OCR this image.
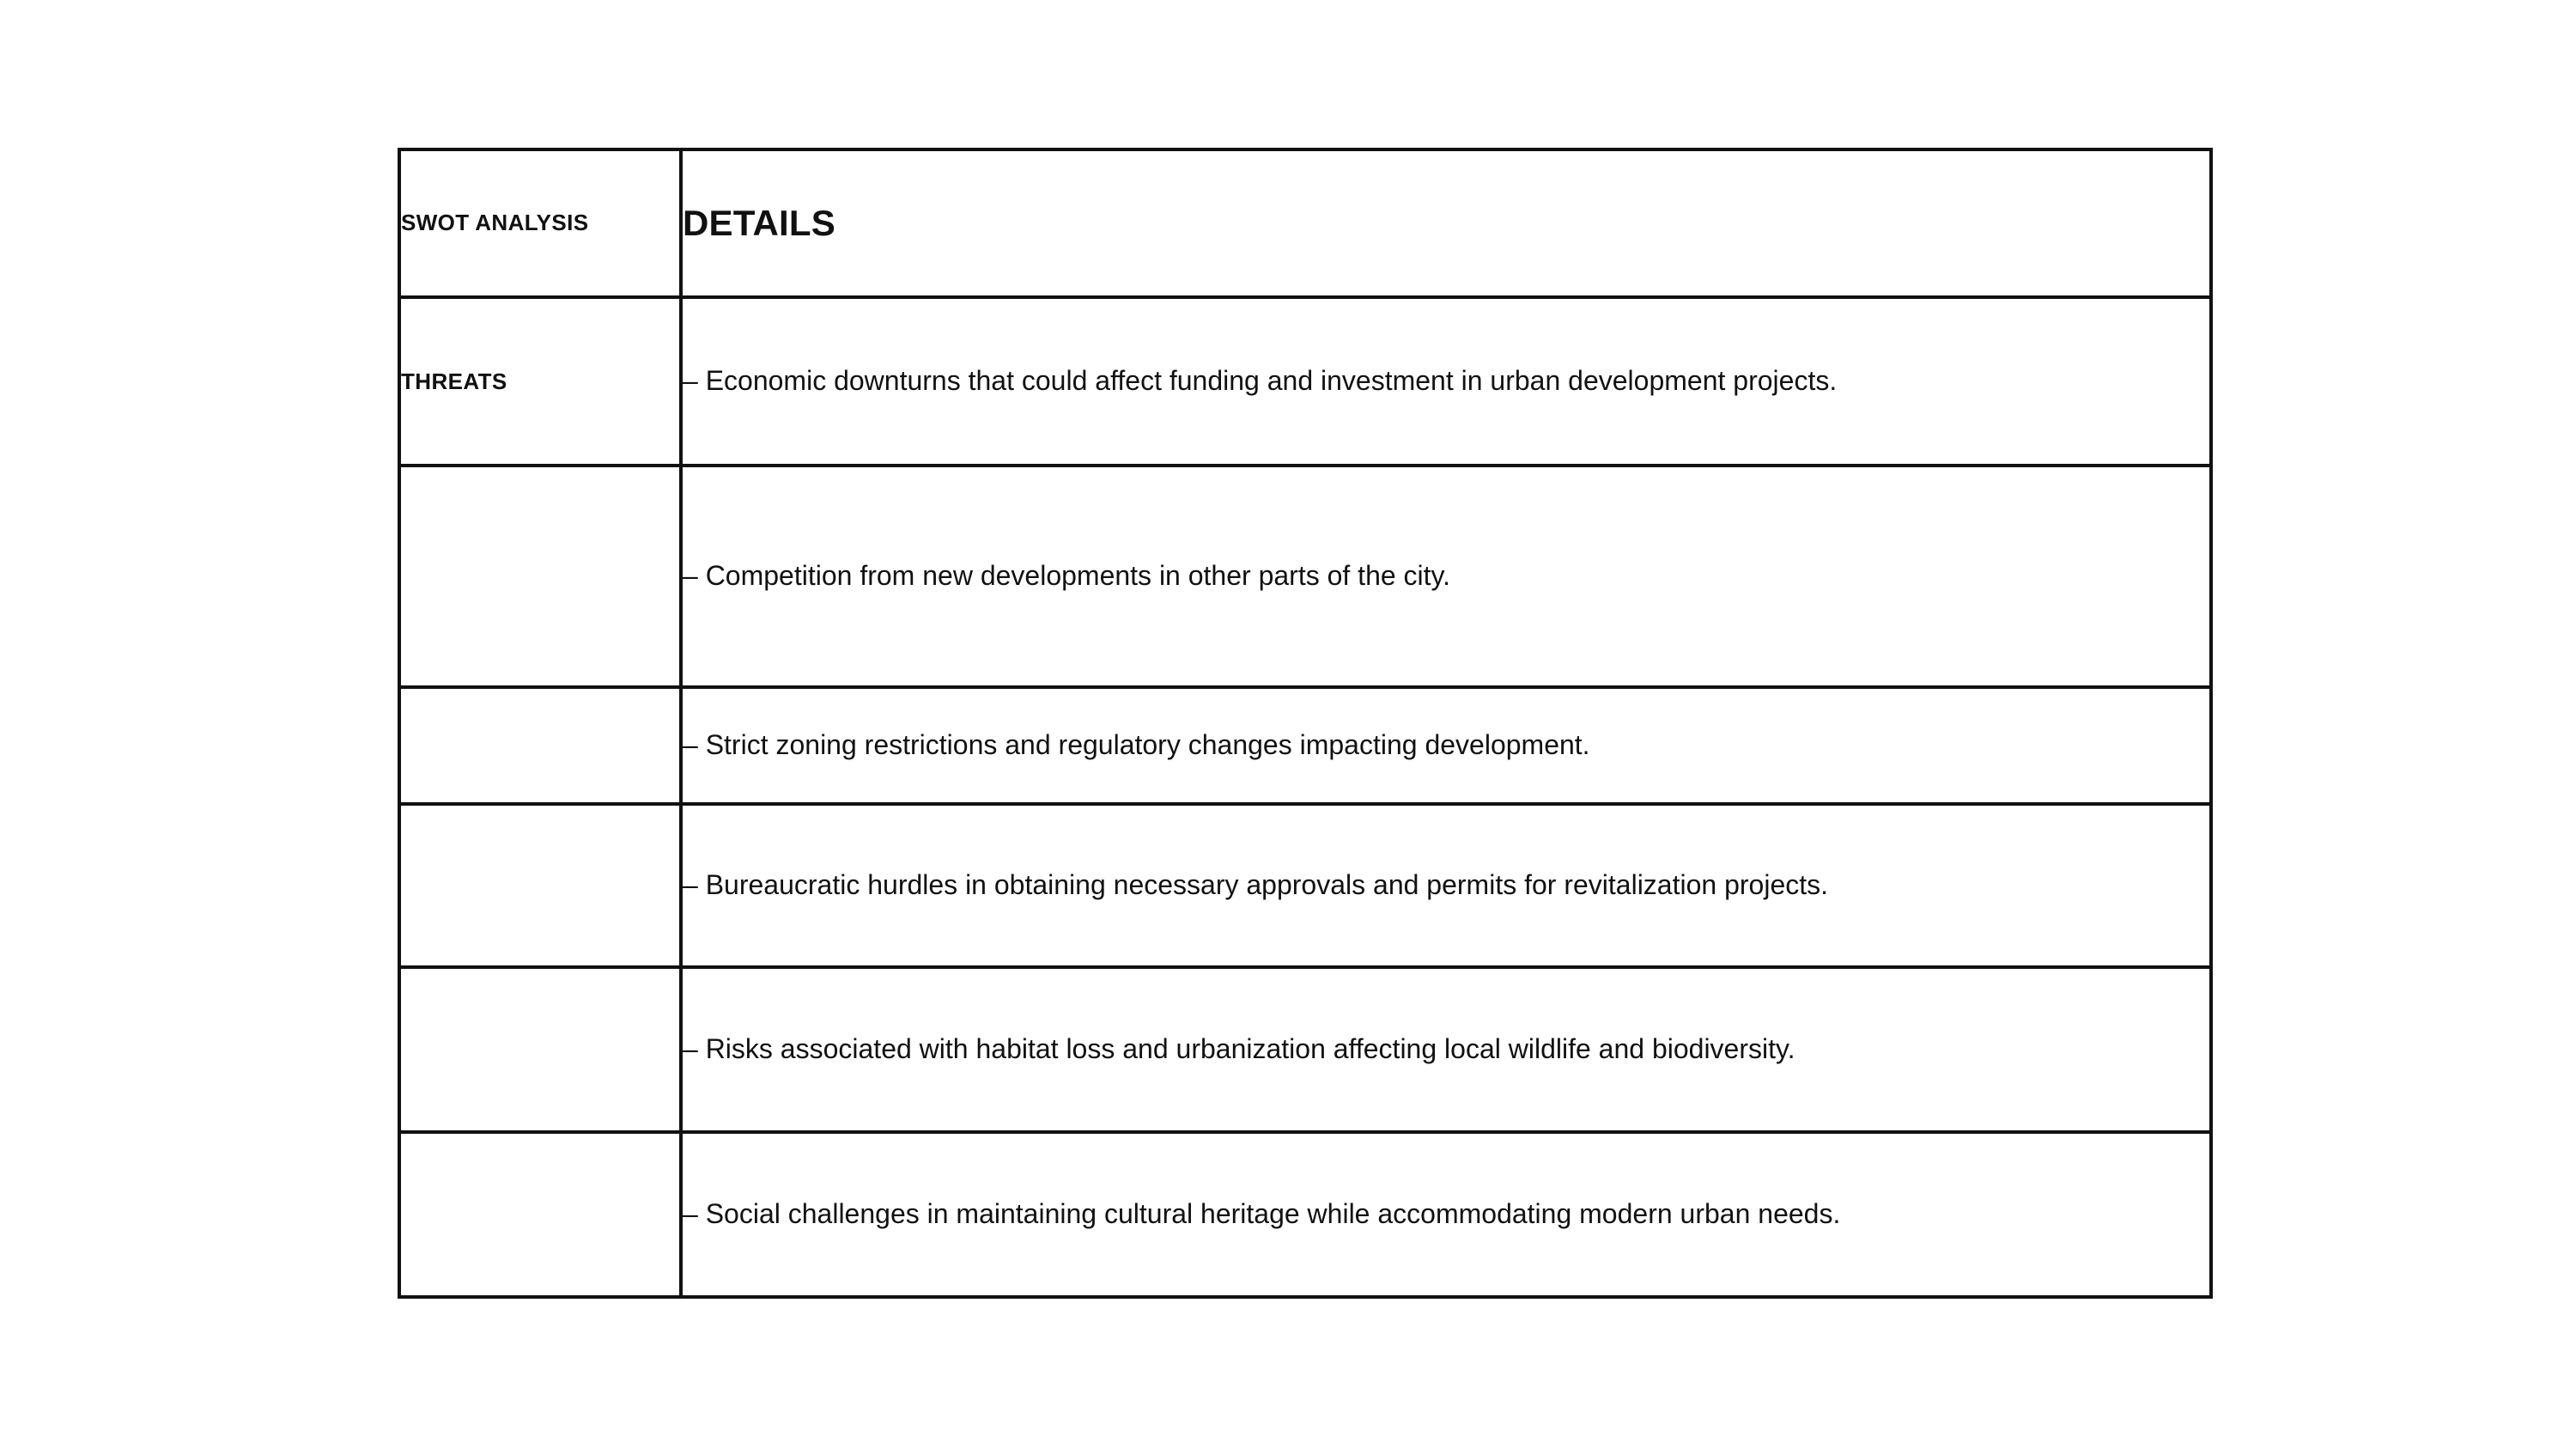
SWOT ANALYSIS	DETAILS

THREATS	– Economic downturns that could affect funding and investment in urban development projects.

	– Competition from new developments in other parts of the city.

	– Strict zoning restrictions and regulatory changes impacting development.

	– Bureaucratic hurdles in obtaining necessary approvals and permits for revitalization projects.

	– Risks associated with habitat loss and urbanization affecting local wildlife and biodiversity.

	– Social challenges in maintaining cultural heritage while accommodating modern urban needs.
